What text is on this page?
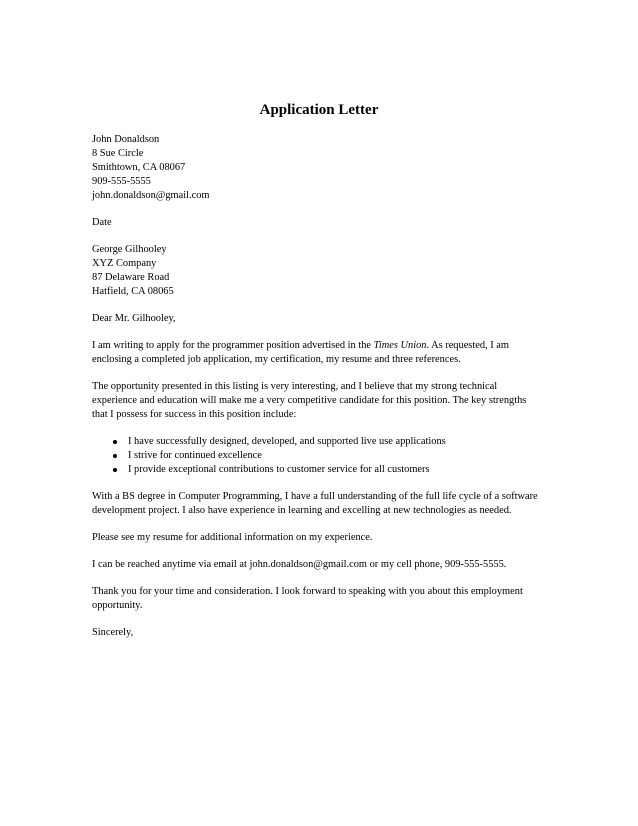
Application Letter
John Donaldson
8 Sue Circle
Smithtown, CA 08067
909-555-5555
john.donaldson@gmail.com
Date
George Gilhooley
XYZ Company
87 Delaware Road
Hatfield, CA 08065
Dear Mr. Gilhooley,
I am writing to apply for the programmer position advertised in the Times Union. As requested, I am
enclosing a completed job application, my certification, my resume and three references.
The opportunity presented in this listing is very interesting, and I believe that my strong technical
experience and education will make me a very competitive candidate for this position. The key strengths
that I possess for success in this position include:
I have successfully designed, developed, and supported live use applications
I strive for continued excellence
I provide exceptional contributions to customer service for all customers
With a BS degree in Computer Programming, I have a full understanding of the full life cycle of a software
development project. I also have experience in learning and excelling at new technologies as needed.
Please see my resume for additional information on my experience.
I can be reached anytime via email at john.donaldson@gmail.com or my cell phone, 909-555-5555.
Thank you for your time and consideration. I look forward to speaking with you about this employment
opportunity.
Sincerely,
